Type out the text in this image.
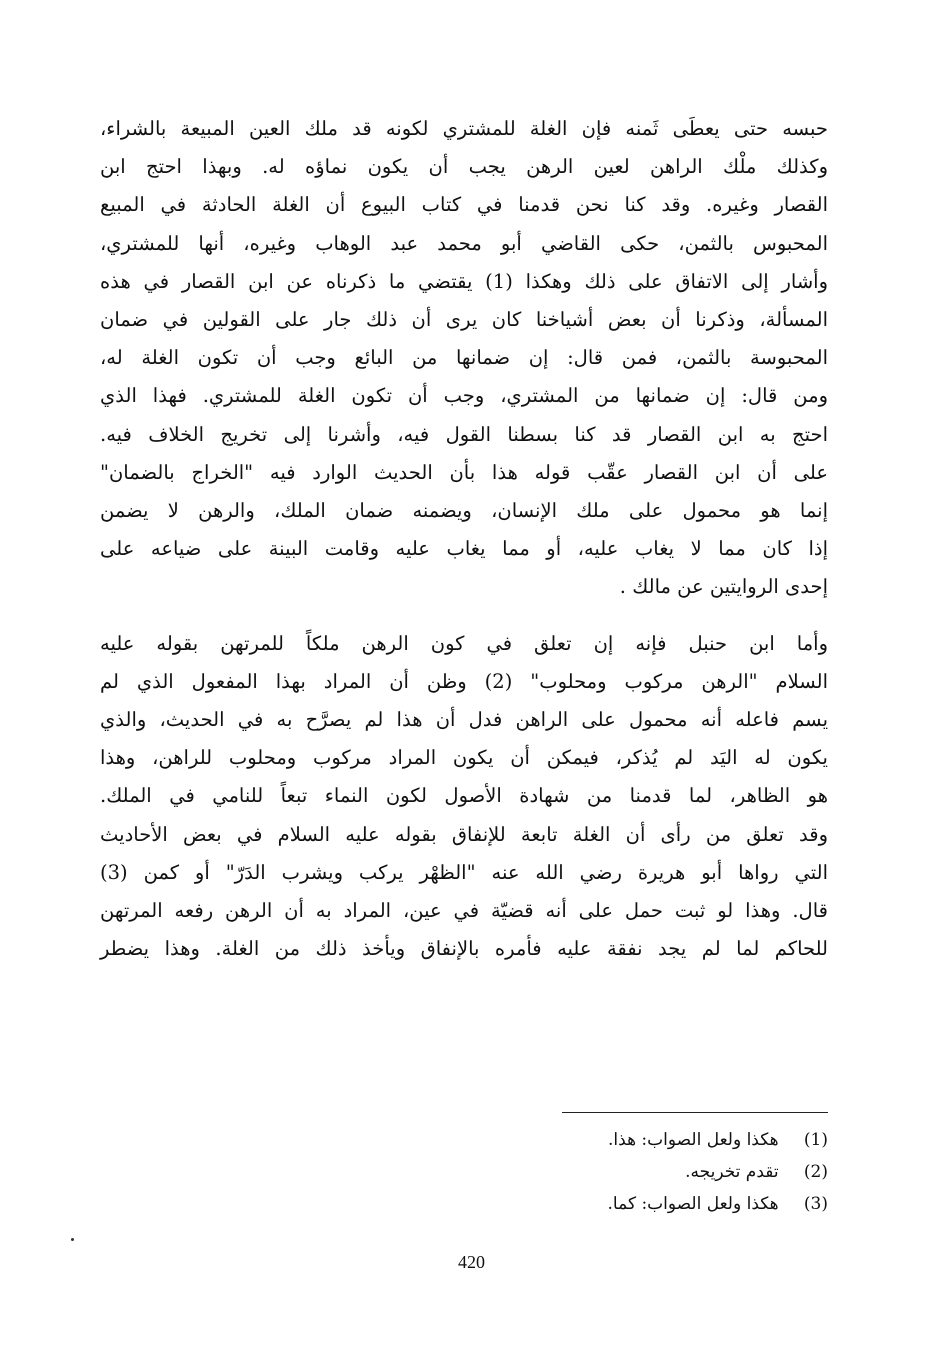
حبسه حتى يعطَى ثَمنه فإن الغلة للمشتري لكونه قد ملك العين المبيعة بالشراء،
وكذلك ملْك الراهن لعين الرهن يجب أن يكون نماؤه له. وبهذا احتج ابن
القصار وغيره. وقد كنا نحن قدمنا في كتاب البيوع أن الغلة الحادثة في المبيع
المحبوس بالثمن، حكى القاضي أبو محمد عبد الوهاب وغيره، أنها للمشتري،
وأشار إلى الاتفاق على ذلك وهكذا (1) يقتضي ما ذكرناه عن ابن القصار في هذه
المسألة، وذكرنا أن بعض أشياخنا كان يرى أن ذلك جار على القولين في ضمان
المحبوسة بالثمن، فمن قال: إن ضمانها من البائع وجب أن تكون الغلة له،
ومن قال: إن ضمانها من المشتري، وجب أن تكون الغلة للمشتري. فهذا الذي
احتج به ابن القصار قد كنا بسطنا القول فيه، وأشرنا إلى تخريج الخلاف فيه.
على أن ابن القصار عقّب قوله هذا بأن الحديث الوارد فيه "الخراج بالضمان"
إنما هو محمول على ملك الإنسان، ويضمنه ضمان الملك، والرهن لا يضمن
إذا كان مما لا يغاب عليه، أو مما يغاب عليه وقامت البينة على ضياعه على
إحدى الروايتين عن مالك .

وأما ابن حنبل فإنه إن تعلق في كون الرهن ملكاً للمرتهن بقوله عليه
السلام "الرهن مركوب ومحلوب" (2) وظن أن المراد بهذا المفعول الذي لم
يسم فاعله أنه محمول على الراهن فدل أن هذا لم يصرَّح به في الحديث، والذي
يكون له اليَد لم يُذكر، فيمكن أن يكون المراد مركوب ومحلوب للراهن، وهذا
هو الظاهر، لما قدمنا من شهادة الأصول لكون النماء تبعاً للنامي في الملك.
وقد تعلق من رأى أن الغلة تابعة للإنفاق بقوله عليه السلام في بعض الأحاديث
التي رواها أبو هريرة رضي الله عنه "الظهْر يركب ويشرب الدَرّ" أو كمن (3)
قال. وهذا لو ثبت حمل على أنه قضيّة في عين، المراد به أن الرهن رفعه المرتهن
للحاكم لما لم يجد نفقة عليه فأمره بالإنفاق ويأخذ ذلك من الغلة. وهذا يضطر

(1) هكذا ولعل الصواب: هذا.
(2) تقدم تخريجه.
(3) هكذا ولعل الصواب: كما.
420
